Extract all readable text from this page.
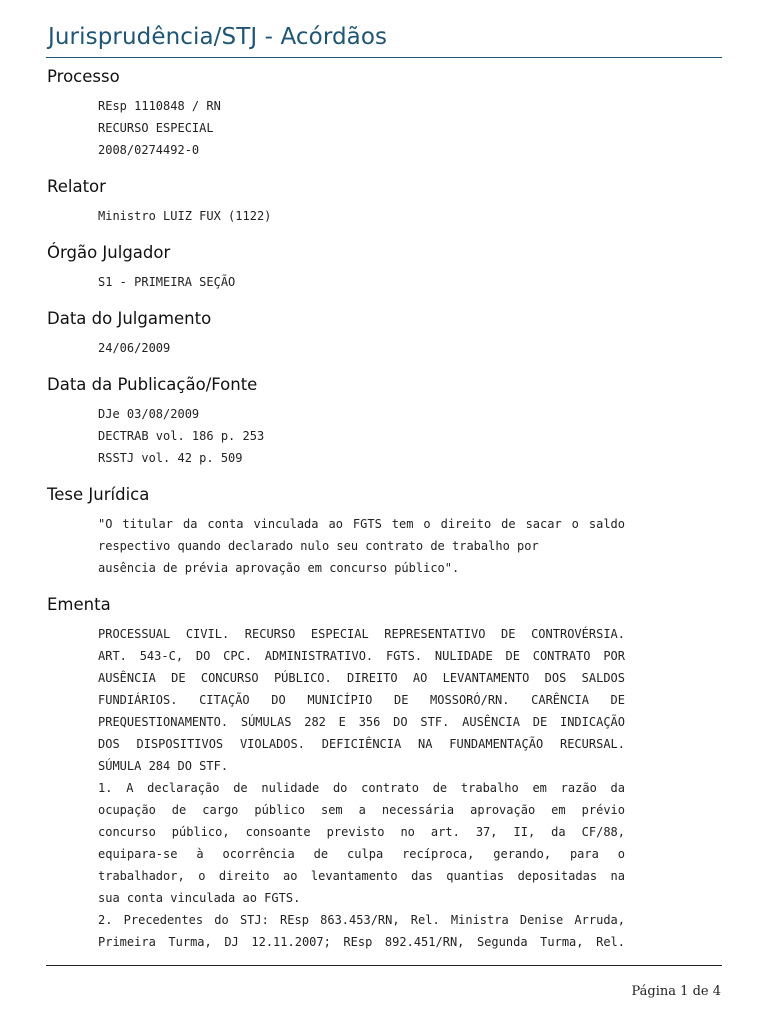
Jurisprudência/STJ - Acórdãos
Processo
REsp 1110848 / RN
RECURSO ESPECIAL
2008/0274492-0
Relator
Ministro LUIZ FUX (1122)
Órgão Julgador
S1 - PRIMEIRA SEÇÃO
Data do Julgamento
24/06/2009
Data da Publicação/Fonte
DJe 03/08/2009
DECTRAB vol. 186 p. 253
RSSTJ vol. 42 p. 509
Tese Jurídica
"O titular da conta vinculada ao FGTS tem o direito de sacar o saldo
respectivo quando declarado nulo seu contrato de trabalho por
ausência de prévia aprovação em concurso público".
Ementa
PROCESSUAL CIVIL. RECURSO ESPECIAL REPRESENTATIVO DE CONTROVÉRSIA.
ART. 543-C, DO CPC. ADMINISTRATIVO. FGTS. NULIDADE DE CONTRATO POR
AUSÊNCIA DE CONCURSO PÚBLICO. DIREITO AO LEVANTAMENTO DOS SALDOS
FUNDIÁRIOS. CITAÇÃO DO MUNICÍPIO DE MOSSORÓ/RN. CARÊNCIA DE
PREQUESTIONAMENTO. SÚMULAS 282 E 356 DO STF. AUSÊNCIA DE INDICAÇÃO
DOS DISPOSITIVOS VIOLADOS. DEFICIÊNCIA NA FUNDAMENTAÇÃO RECURSAL.
SÚMULA 284 DO STF.
1. A declaração de nulidade do contrato de trabalho em razão da
ocupação de cargo público sem a necessária aprovação em prévio
concurso público, consoante previsto no art. 37, II, da CF/88,
equipara-se à ocorrência de culpa recíproca, gerando, para o
trabalhador, o direito ao levantamento das quantias depositadas na
sua conta vinculada ao FGTS.
2. Precedentes do STJ: REsp 863.453/RN, Rel. Ministra Denise Arruda,
Primeira Turma, DJ 12.11.2007; REsp 892.451/RN, Segunda Turma, Rel.
Página 1 de 4
